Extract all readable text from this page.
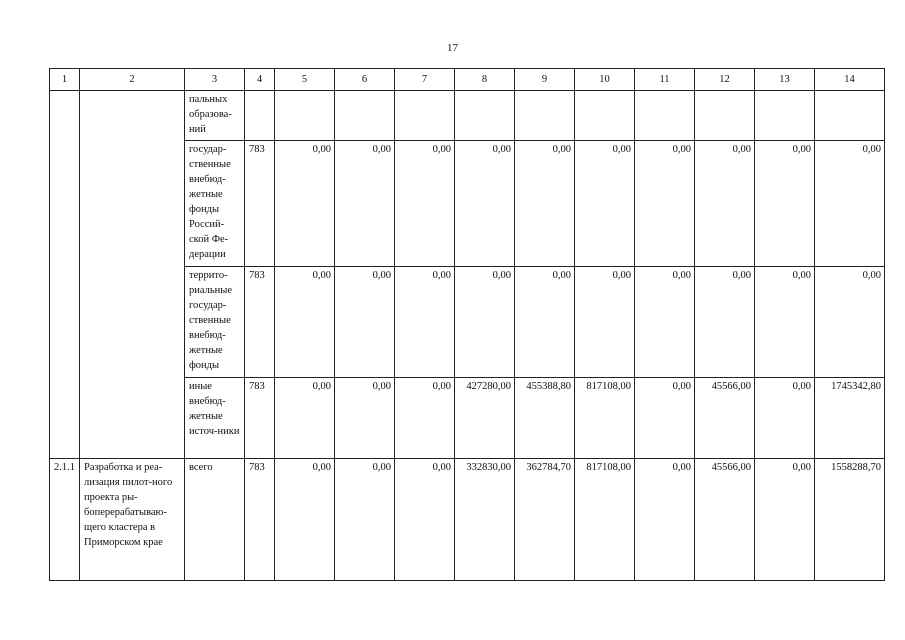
17
1	2	3	4	5	6	7	8	9	10	11	12	13	14
		пальных образова-ний											
		государ-ственные внебюд-жетные фонды Россий-ской Фе-дерации	783	0,00	0,00	0,00	0,00	0,00	0,00	0,00	0,00	0,00	0,00
		террито-риальные государ-ственные внебюд-жетные фонды	783	0,00	0,00	0,00	0,00	0,00	0,00	0,00	0,00	0,00	0,00
		иные внебюд-жетные источ-ники	783	0,00	0,00	0,00	427280,00	455388,80	817108,00	0,00	45566,00	0,00	1745342,80
2.1.1	Разработка и реа-лизация пилот-ного проекта ры-боперерабатываю-щего кластера в Приморском крае	всего	783	0,00	0,00	0,00	332830,00	362784,70	817108,00	0,00	45566,00	0,00	1558288,70
